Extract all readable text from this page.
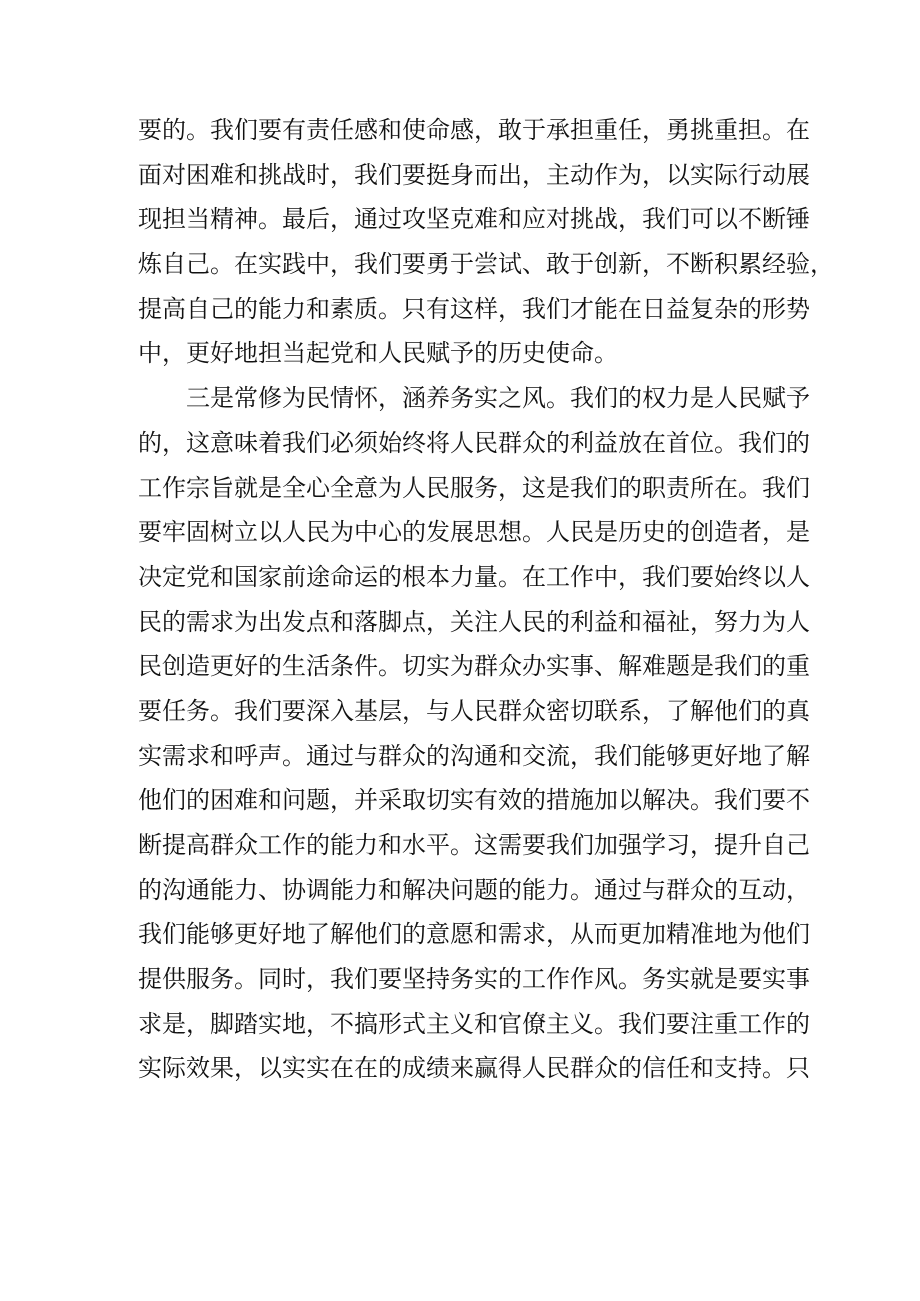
要的。我们要有责任感和使命感，敢于承担重任，勇挑重担。在
面对困难和挑战时，我们要挺身而出，主动作为，以实际行动展
现担当精神。最后，通过攻坚克难和应对挑战，我们可以不断锤
炼自己。在实践中，我们要勇于尝试、敢于创新，不断积累经验，
提高自己的能力和素质。只有这样，我们才能在日益复杂的形势
中，更好地担当起党和人民赋予的历史使命。
三是常修为民情怀，涵养务实之风。我们的权力是人民赋予
的，这意味着我们必须始终将人民群众的利益放在首位。我们的
工作宗旨就是全心全意为人民服务，这是我们的职责所在。我们
要牢固树立以人民为中心的发展思想。人民是历史的创造者，是
决定党和国家前途命运的根本力量。在工作中，我们要始终以人
民的需求为出发点和落脚点，关注人民的利益和福祉，努力为人
民创造更好的生活条件。切实为群众办实事、解难题是我们的重
要任务。我们要深入基层，与人民群众密切联系，了解他们的真
实需求和呼声。通过与群众的沟通和交流，我们能够更好地了解
他们的困难和问题，并采取切实有效的措施加以解决。我们要不
断提高群众工作的能力和水平。这需要我们加强学习，提升自己
的沟通能力、协调能力和解决问题的能力。通过与群众的互动，
我们能够更好地了解他们的意愿和需求，从而更加精准地为他们
提供服务。同时，我们要坚持务实的工作作风。务实就是要实事
求是，脚踏实地，不搞形式主义和官僚主义。我们要注重工作的
实际效果，以实实在在的成绩来赢得人民群众的信任和支持。只
